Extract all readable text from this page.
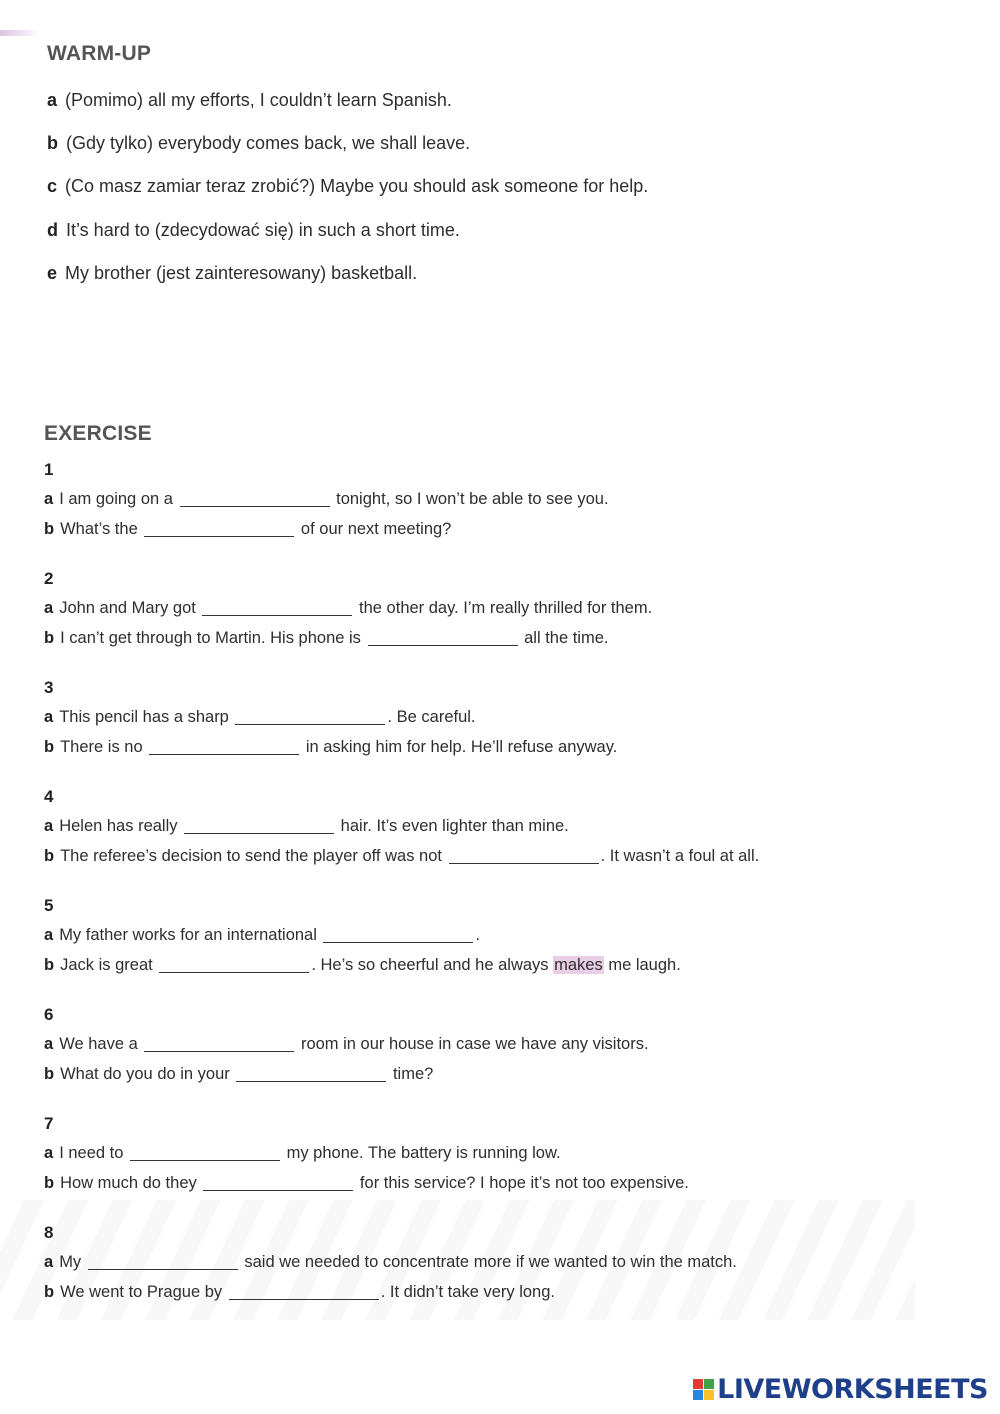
WARM-UP
a (Pomimo) all my efforts, I couldn’t learn Spanish.
b (Gdy tylko) everybody comes back, we shall leave.
c (Co masz zamiar teraz zrobić?) Maybe you should ask someone for help.
d It’s hard to (zdecydować się) in such a short time.
e My brother (jest zainteresowany) basketball.
EXERCISE
1
a I am going on a	tonight, so I won’t be able to see you.
b What’s the	of our next meeting?
2
a John and Mary got	the other day. I’m really thrilled for them.
b I can’t get through to Martin. His phone is	all the time.
3
a This pencil has a sharp	. Be careful.
b There is no	in asking him for help. He’ll refuse anyway.
4
a Helen has really	hair. It’s even lighter than mine.
b The referee’s decision to send the player off was not	. It wasn’t a foul at all.
5
a My father works for an international	.
b Jack is great	. He’s so cheerful and he always makes me laugh.
6
a We have a	room in our house in case we have any visitors.
b What do you do in your	time?
7
a I need to	my phone. The battery is running low.
b How much do they	for this service? I hope it’s not too expensive.
8
a My	said we needed to concentrate more if we wanted to win the match.
b We went to Prague by	. It didn’t take very long.
LIVEWORKSHEETS
